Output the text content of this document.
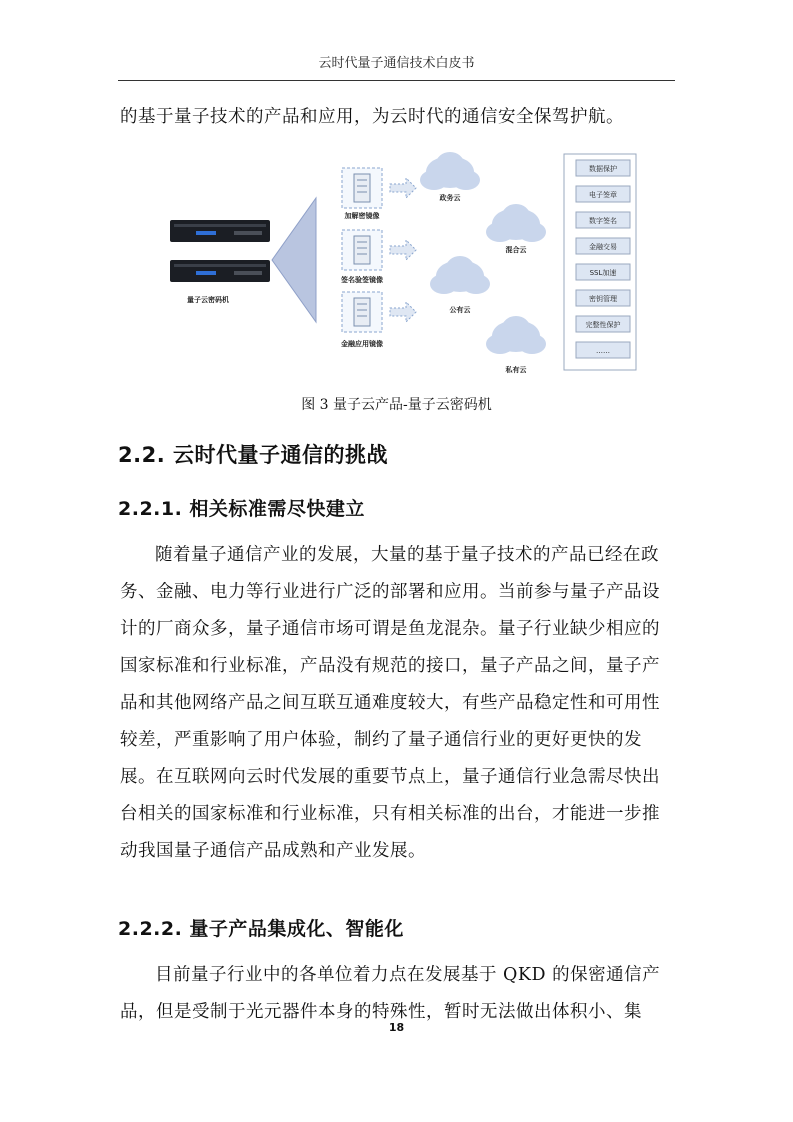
云时代量子通信技术白皮书

的基于量子技术的产品和应用，为云时代的通信安全保驾护航。

量子云密码机
加解密镜像
签名验签镜像
金融应用镜像
政务云
混合云
公有云
私有云
数据保护
电子签章
数字签名
金融交易
SSL加速
密钥管理
完整性保护
……
图 3 量子云产品-量子云密码机
2.2. 云时代量子通信的挑战
2.2.1. 相关标准需尽快建立

随着量子通信产业的发展，大量的基于量子技术的产品已经在政务、金融、电力等行业进行广泛的部署和应用。当前参与量子产品设计的厂商众多，量子通信市场可谓是鱼龙混杂。量子行业缺少相应的国家标准和行业标准，产品没有规范的接口，量子产品之间，量子产品和其他网络产品之间互联互通难度较大，有些产品稳定性和可用性较差，严重影响了用户体验，制约了量子通信行业的更好更快的发展。在互联网向云时代发展的重要节点上，量子通信行业急需尽快出台相关的国家标准和行业标准，只有相关标准的出台，才能进一步推动我国量子通信产品成熟和产业发展。

2.2.2. 量子产品集成化、智能化

目前量子行业中的各单位着力点在发展基于 QKD 的保密通信产品，但是受制于光元器件本身的特殊性，暂时无法做出体积小、集

18
